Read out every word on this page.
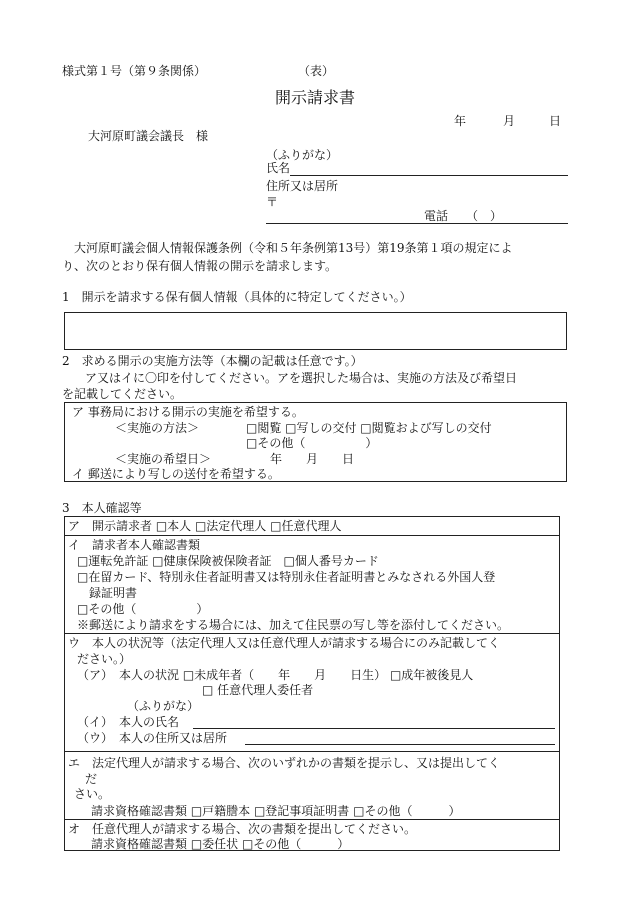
様式第１号（第９条関係）	（表）
開示請求書
年	月	日
大河原町議会議長　様
（ふりがな）
氏名
住所又は居所
〒
電話　　（　）
大河原町議会個人情報保護条例（令和５年条例第13号）第19条第１項の規定によ
り、次のとおり保有個人情報の開示を請求します。
1　開示を請求する保有個人情報（具体的に特定してください。）
2　求める開示の実施方法等（本欄の記載は任意です。）
ア又はイに〇印を付してください。アを選択した場合は、実施の方法及び希望日
を記載してください。
ア 事務局における開示の実施を希望する。
＜実施の方法＞	□閲覧 □写しの交付 □閲覧および写しの交付
□その他（　　　　　）
＜実施の希望日＞	年　　月　　日
イ 郵送により写しの送付を希望する。
3　本人確認等
ア　開示請求者 □本人 □法定代理人 □任意代理人
イ　請求者本人確認書類
□運転免許証 □健康保険被保険者証　□個人番号カード
□在留カード、特別永住者証明書又は特別永住者証明書とみなされる外国人登
録証明書
□その他（　　　　　）
※郵送により請求をする場合には、加えて住民票の写し等を添付してください。
ウ　本人の状況等（法定代理人又は任意代理人が請求する場合にのみ記載してく
ださい。）
（ア）　本人の状況 □未成年者（　　年　　月　　日生） □成年被後見人
□ 任意代理人委任者
（ふりがな）
（イ）　本人の氏名
（ウ）　本人の住所又は居所
エ　法定代理人が請求する場合、次のいずれかの書類を提示し、又は提出してく
だ
さい。
請求資格確認書類 □戸籍謄本 □登記事項証明書 □その他（　　　）
オ　任意代理人が請求する場合、次の書類を提出してください。
請求資格確認書類 □委任状 □その他（　　　）
